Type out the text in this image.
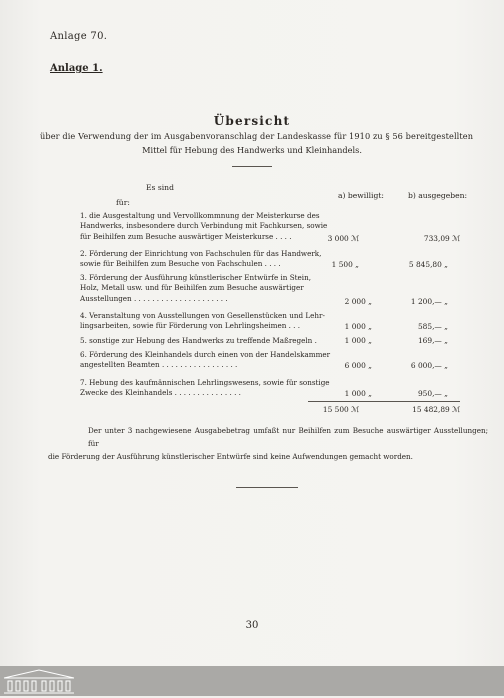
Anlage 70.
Anlage 1.
Übersicht
über die Verwendung der im Ausgabenvoranschlag der Landeskasse für 1910 zu § 56 bereitgestellten
Mittel für Hebung des Handwerks und Kleinhandels.
Es sind
für:
a) bewilligt:	b) ausgegeben:
1. die Ausgestaltung und Vervollkommnung der Meisterkurse des
Handwerks, insbesondere durch Verbindung mit Fachkursen, sowie
für Beihilfen zum Besuche auswärtiger Meisterkurse . . . .	3 000 ℳ	733,09 ℳ
2. Förderung der Einrichtung von Fachschulen für das Handwerk,
sowie für Beihilfen zum Besuche von Fachschulen . . . .	1 500 „	5 845,80 „
3. Förderung der Ausführung künstlerischer Entwürfe in Stein,
Holz, Metall usw. und für Beihilfen zum Besuche auswärtiger
Ausstellungen . . . . . . . . . . . . . . . . . . . . .	2 000 „	1 200,— „
4. Veranstaltung von Ausstellungen von Gesellenstücken und Lehr-
lingsarbeiten, sowie für Förderung von Lehrlingsheimen . . .	1 000 „	585,— „
5. sonstige zur Hebung des Handwerks zu treffende Maßregeln .	1 000 „	169,— „
6. Förderung des Kleinhandels durch einen von der Handelskammer
angestellten Beamten . . . . . . . . . . . . . . . . .	6 000 „	6 000,— „
7. Hebung des kaufmännischen Lehrlingswesens, sowie für sonstige
Zwecke des Kleinhandels . . . . . . . . . . . . . . .	1 000 „	950,— „
15 500 ℳ	15 482,89 ℳ
Der unter 3 nachgewiesene Ausgabebetrag umfaßt nur Beihilfen zum Besuche auswärtiger Ausstellungen; für
die Förderung der Ausführung künstlerischer Entwürfe sind keine Aufwendungen gemacht worden.
30
